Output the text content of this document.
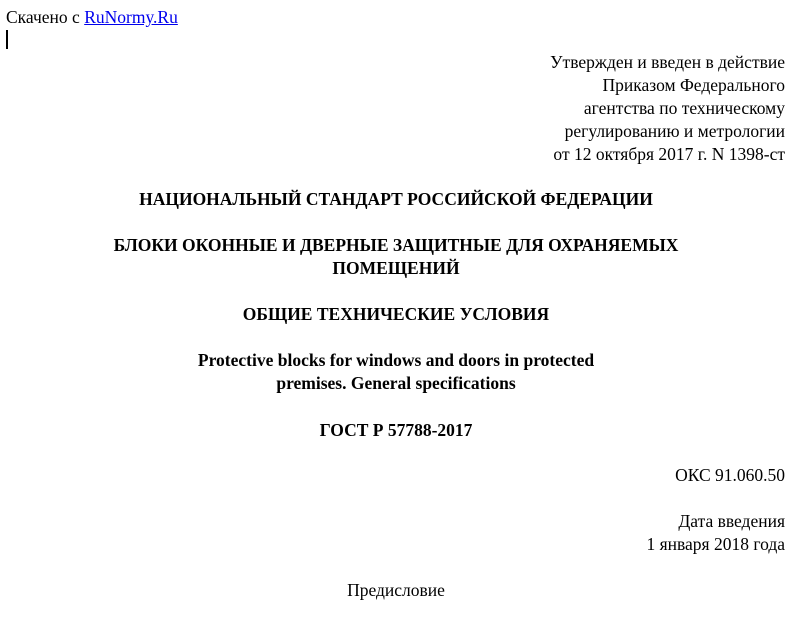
Скачено с RuNormy.Ru
Утвержден и введен в действие
Приказом Федерального
агентства по техническому
регулированию и метрологии
от 12 октября 2017 г. N 1398-ст
НАЦИОНАЛЬНЫЙ СТАНДАРТ РОССИЙСКОЙ ФЕДЕРАЦИИ
БЛОКИ ОКОННЫЕ И ДВЕРНЫЕ ЗАЩИТНЫЕ ДЛЯ ОХРАНЯЕМЫХ
ПОМЕЩЕНИЙ
ОБЩИЕ ТЕХНИЧЕСКИЕ УСЛОВИЯ
Protective blocks for windows and doors in protected
premises. General specifications
ГОСТ Р 57788-2017
ОКС 91.060.50
Дата введения
1 января 2018 года
Предисловие
